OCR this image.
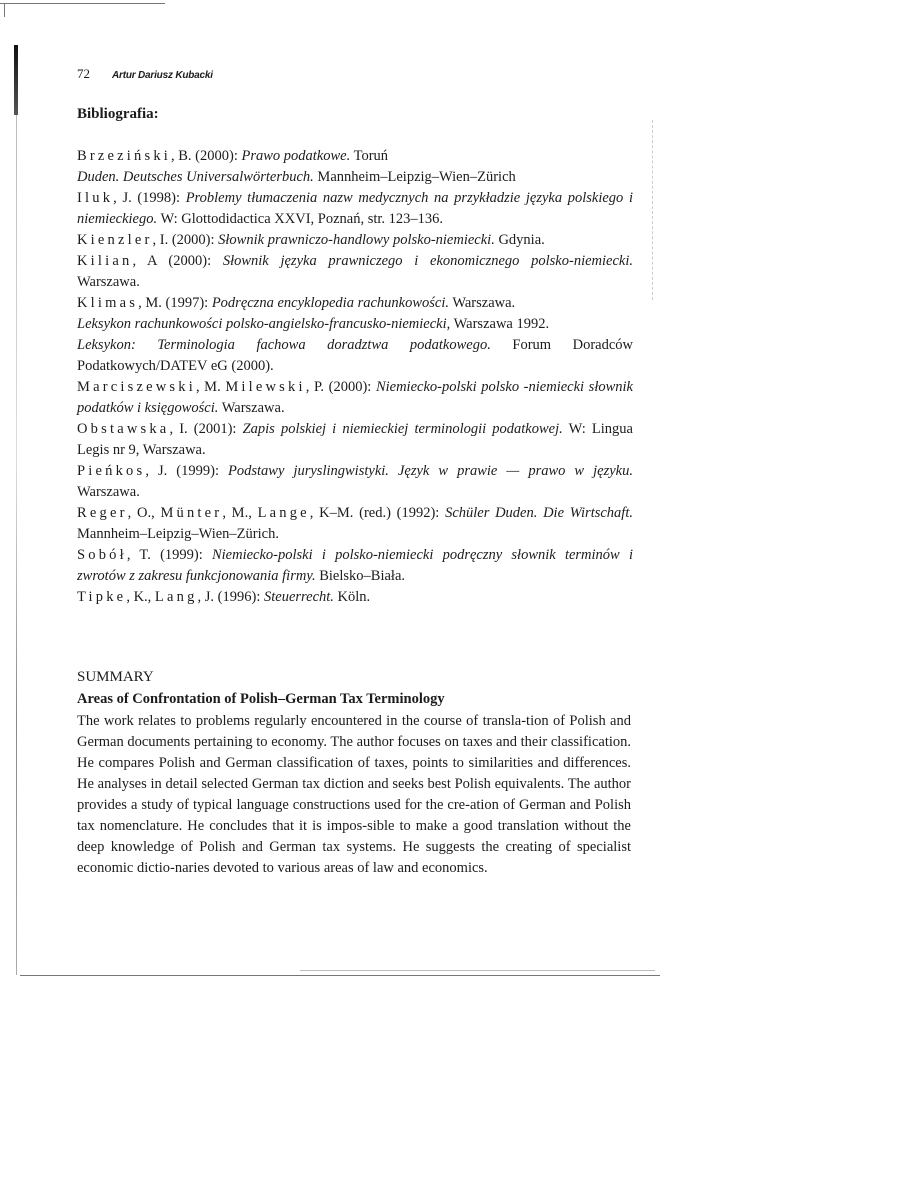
72 Artur Dariusz Kubacki
Bibliografia:
Brzeziński, B. (2000): Prawo podatkowe. Toruń
Duden. Deutsches Universalwörterbuch. Mannheim–Leipzig–Wien–Zürich
Iluk, J. (1998): Problemy tłumaczenia nazw medycznych na przykładzie języka polskiego i niemieckiego. W: Glottodidactica XXVI, Poznań, str. 123–136.
Kienzler, I. (2000): Słownik prawniczo-handlowy polsko-niemiecki. Gdynia.
Kilian, A (2000): Słownik języka prawniczego i ekonomicznego polsko-niemiecki. Warszawa.
Klimas, M. (1997): Podręczna encyklopedia rachunkowości. Warszawa.
Leksykon rachunkowości polsko-angielsko-francusko-niemiecki, Warszawa 1992.
Leksykon: Terminologia fachowa doradztwa podatkowego. Forum Doradców Podatkowych/DATEV eG (2000).
Marciszewski, M. Milewski, P. (2000): Niemiecko-polski polsko -niemiecki słownik podatków i księgowości. Warszawa.
Obstawska, I. (2001): Zapis polskiej i niemieckiej terminologii podatkowej. W: Lingua Legis nr 9, Warszawa.
Pieńkos, J. (1999): Podstawy juryslingwistyki. Język w prawie — prawo w języku. Warszawa.
Reger, O., Münter, M., Lange, K–M. (red.) (1992): Schüler Duden. Die Wirtschaft. Mannheim–Leipzig–Wien–Zürich.
Sobół, T. (1999): Niemiecko-polski i polsko-niemiecki podręczny słownik terminów i zwrotów z zakresu funkcjonowania firmy. Bielsko–Biała.
Tipke, K., Lang, J. (1996): Steuerrecht. Köln.
SUMMARY
Areas of Confrontation of Polish–German Tax Terminology

The work relates to problems regularly encountered in the course of transla-tion of Polish and German documents pertaining to economy. The author focuses on taxes and their classification. He compares Polish and German classification of taxes, points to similarities and differences. He analyses in detail selected German tax diction and seeks best Polish equivalents. The author provides a study of typical language constructions used for the cre-ation of German and Polish tax nomenclature. He concludes that it is impos-sible to make a good translation without the deep knowledge of Polish and German tax systems. He suggests the creating of specialist economic dictio-naries devoted to various areas of law and economics.
